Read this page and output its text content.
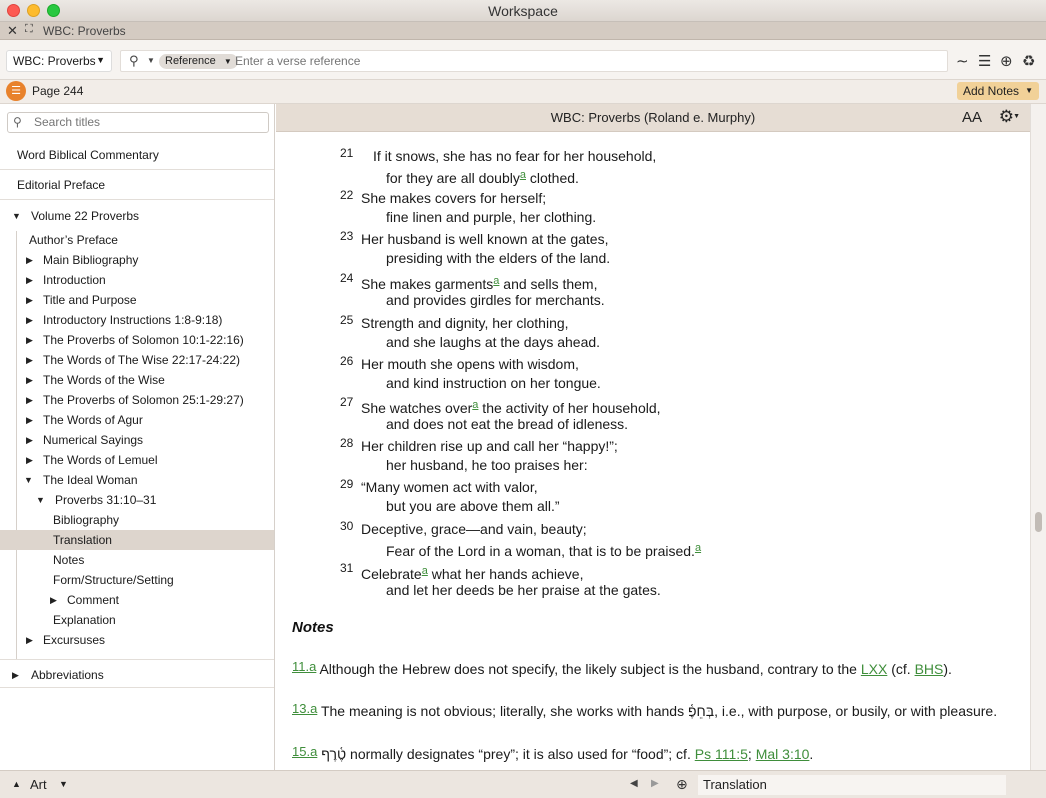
Workspace
✕ ⛶ WBC: Proverbs
WBC: Proverbs ▼ ⚲ ▼ Reference ▼
Enter a verse reference	∼ ☰ ⊕ ♻
☰ Page 244	Add Notes ▼
⚲
Search titles
Word Biblical Commentary
Editorial Preface
▼ Volume 22 Proverbs
Author’s Preface
▶ Main Bibliography
▶ Introduction
▶ Title and Purpose
▶ Introductory Instructions 1:8-9:18)
▶ The Proverbs of Solomon 10:1-22:16)
▶ The Words of The Wise 22:17-24:22)
▶ The Words of the Wise
▶ The Proverbs of Solomon 25:1-29:27)
▶ The Words of Agur
▶ Numerical Sayings
▶ The Words of Lemuel
▼ The Ideal Woman
▼ Proverbs 31:10–31
Bibliography
Translation
Notes
Form/Structure/Setting
▶ Comment
Explanation
▶ Excursuses
▶ Abbreviations
WBC: Proverbs (Roland e. Murphy)	AA ⚙ ▼
21 If it snows, she has no fear for her household,
for they are all doubly$^a$ clothed.
22 She makes covers for herself;
fine linen and purple, her clothing.
23 Her husband is well known at the gates,
presiding with the elders of the land.
24 She makes garments$^a$ and sells them,
and provides girdles for merchants.
25 Strength and dignity, her clothing,
and she laughs at the days ahead.
26 Her mouth she opens with wisdom,
and kind instruction on her tongue.
27 She watches over$^a$ the activity of her household,
and does not eat the bread of idleness.
28 Her children rise up and call her “happy!”;
her husband, he too praises her:
29 “Many women act with valor,
but you are above them all.”
30 Deceptive, grace—and vain, beauty;
Fear of the Lord in a woman, that is to be praised.$^a$
31 Celebrate$^a$ what her hands achieve,
and let her deeds be her praise at the gates.
Notes
11.a Although the Hebrew does not specify, the likely subject is the husband, contrary to the LXX (cf. BHS).
13.a The meaning is not obvious; literally, she works with hands בְּחֵפֶ֫, i.e., with purpose, or busily, or with pleasure.
15.a טֶ֫רֶף normally designates “prey”; it is also used for “food”; cf. Ps 111:5; Mal 3:10.
▲ Art ▼	◀ ▶ ⊕	Translation
